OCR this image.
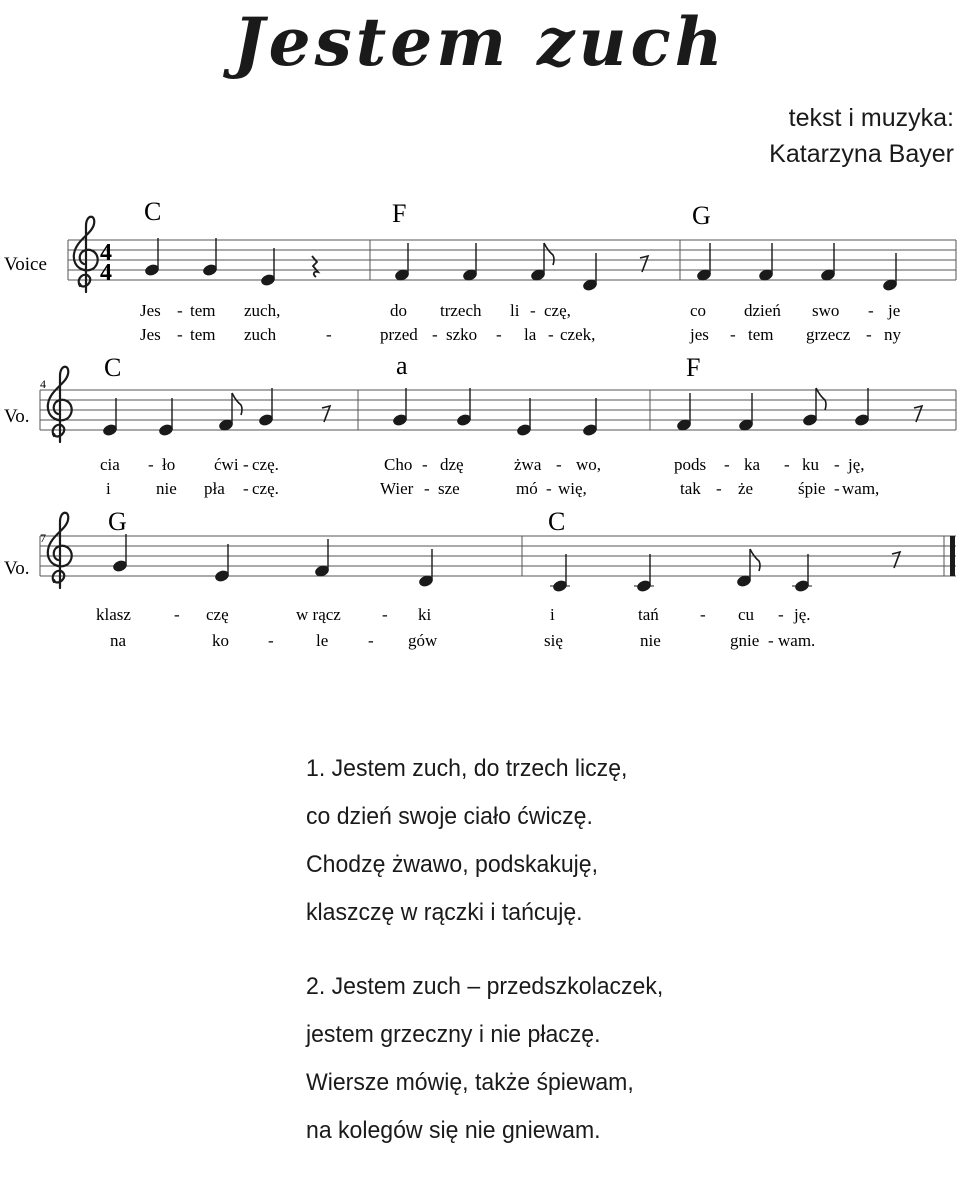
Jestem zuch
tekst i muzyka:
Katarzyna Bayer
Voice
Vo.
Vo.
4
7
4
4
C	F	G
C	a	F
G	C
Jes - tem zuch,	do trzech li - czę,	co dzień swo - je
Jes - tem zuch	-	przed - szko - la - czek,	jes - tem grzecz - ny
cia - ło ćwi - czę.	Cho - dzę	żwa - wo,	pods - ka - ku - ję,
i	nie pła - czę.	Wier - sze	mó - wię,	tak - że	śpie - wam,
klasz	- czę	w rącz - ki	i	tań - cu - ję.
na	ko - le - gów	się	nie	gnie - wam.
1. Jestem zuch, do trzech liczę,
co dzień swoje ciało ćwiczę.
Chodzę żwawo, podskakuję,
klaszczę w rączki i tańcuję.
2. Jestem zuch – przedszkolaczek,
jestem grzeczny i nie płaczę.
Wiersze mówię, także śpiewam,
na kolegów się nie gniewam.
